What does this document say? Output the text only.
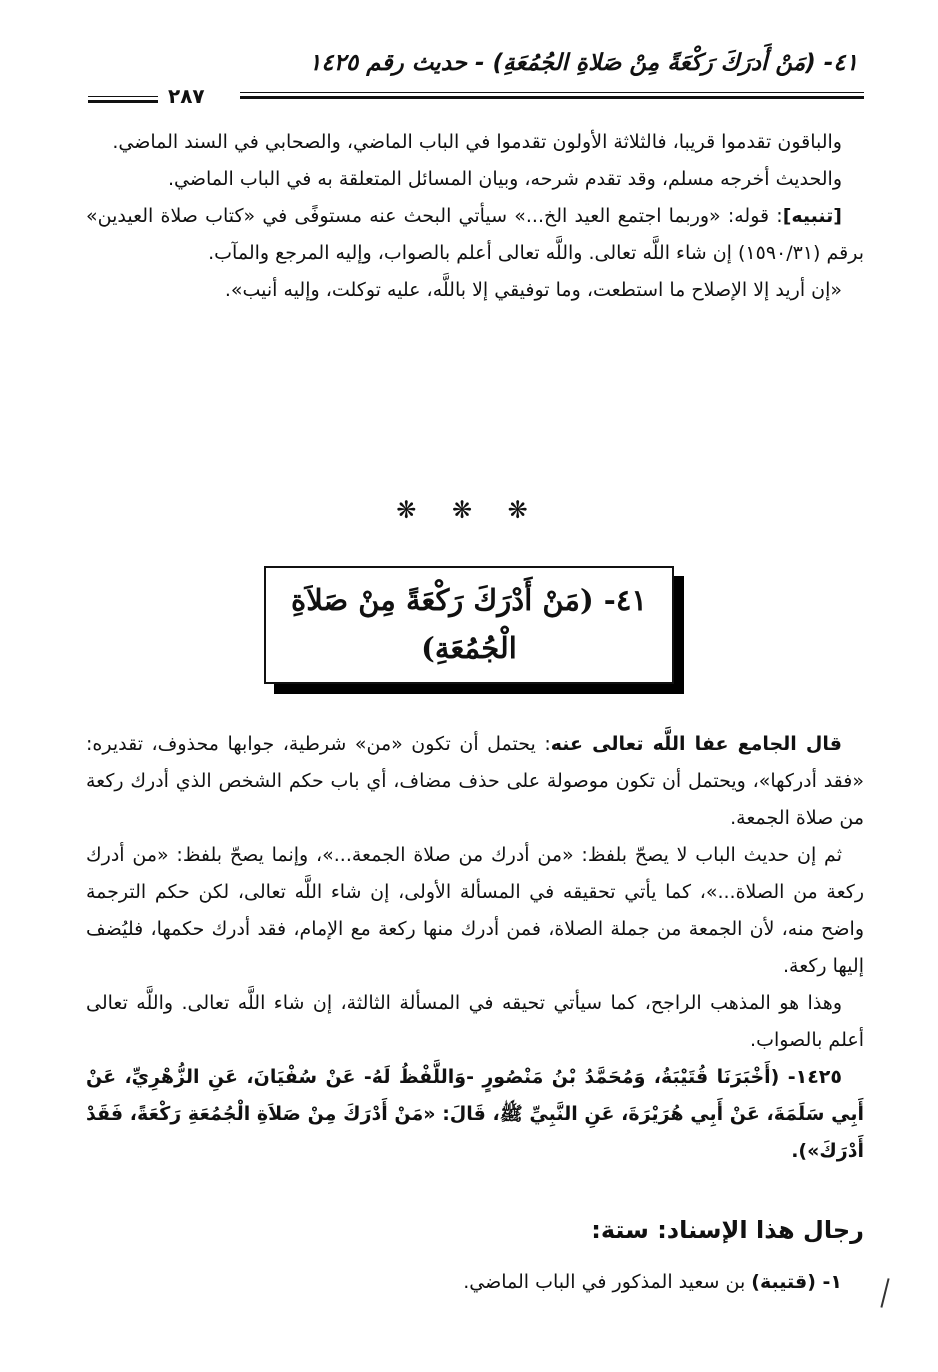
٤١- (مَنْ أَدرَكَ رَكْعَةً مِنْ صَلاةِ الجُمُعَةِ) - حديث رقم ١٤٢٥
٢٨٧

والباقون تقدموا قريبا، فالثلاثة الأولون تقدموا في الباب الماضي، والصحابي في السند الماضي.

والحديث أخرجه مسلم، وقد تقدم شرحه، وبيان المسائل المتعلقة به في الباب الماضي.

[تنبيه]: قوله: «وربما اجتمع العيد الخ...» سيأتي البحث عنه مستوفًى في «كتاب صلاة العيدين» برقم (١٥٩٠/٣١) إن شاء اللَّه تعالى. واللَّه تعالى أعلم بالصواب، وإليه المرجع والمآب.

«إن أريد إلا الإصلاح ما استطعت، وما توفيقي إلا باللَّه، عليه توكلت، وإليه أنيب».

❋ ❋ ❋
٤١- (مَنْ أَدْرَكَ رَكْعَةً مِنْ صَلاَةِ
الْجُمُعَةِ)

قال الجامع عفا اللَّه تعالى عنه: يحتمل أن تكون «من» شرطية، جوابها محذوف، تقديره: «فقد أدركها»، ويحتمل أن تكون موصولة على حذف مضاف، أي باب حكم الشخص الذي أدرك ركعة من صلاة الجمعة.

ثم إن حديث الباب لا يصحّ بلفظ: «من أدرك من صلاة الجمعة...»، وإنما يصحّ بلفظ: «من أدرك ركعة من الصلاة...»، كما يأتي تحقيقه في المسألة الأولى، إن شاء اللَّه تعالى، لكن حكم الترجمة واضح منه، لأن الجمعة من جملة الصلاة، فمن أدرك منها ركعة مع الإمام، فقد أدرك حكمها، فليُضف إليها ركعة.

وهذا هو المذهب الراجح، كما سيأتي تحيقه في المسألة الثالثة، إن شاء اللَّه تعالى. واللَّه تعالى أعلم بالصواب.

١٤٢٥- (أَخْبَرَنَا قُتَيْبَةُ، وَمُحَمَّدُ بْنُ مَنْصُورٍ -وَاللَّفْظُ لَهُ- عَنْ سُفْيَانَ، عَنِ الزُّهْرِيِّ، عَنْ أَبِي سَلَمَةَ، عَنْ أَبِي هُرَيْرَةَ، عَنِ النَّبِيِّ ﷺ، قَالَ: «مَنْ أَدْرَكَ مِنْ صَلاَةِ الْجُمُعَةِ رَكْعَةً، فَقَدْ أَدْرَكَ»).

رجال هذا الإسناد: ستة:

١- (قتيبة) بن سعيد المذكور في الباب الماضي.
